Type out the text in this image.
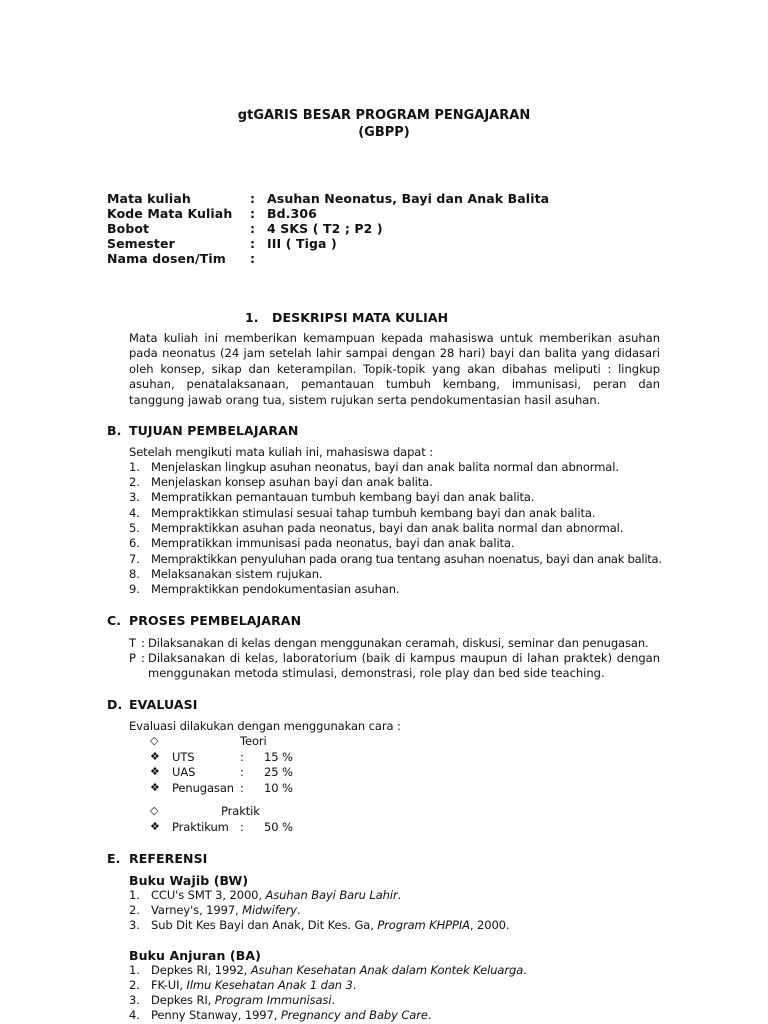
gtGARIS BESAR PROGRAM PENGAJARAN
(GBPP)
Mata kuliah	: Asuhan Neonatus, Bayi dan Anak Balita
Kode Mata Kuliah : Bd.306
Bobot	: 4 SKS ( T2 ; P2 )
Semester	: III ( Tiga )
Nama dosen/Tim :
1.   DESKRIPSI MATA KULIAH
Mata kuliah ini memberikan kemampuan kepada mahasiswa untuk memberikan asuhan pada neonatus (24 jam setelah lahir sampai dengan 28 hari) bayi dan balita yang didasari oleh konsep, sikap dan keterampilan. Topik-topik yang akan dibahas meliputi : lingkup asuhan, penatalaksanaan, pemantauan tumbuh kembang, immunisasi, peran dan tanggung jawab orang tua, sistem rujukan serta pendokumentasian hasil asuhan.
B. TUJUAN PEMBELAJARAN
Setelah mengikuti mata kuliah ini, mahasiswa dapat :
1. Menjelaskan lingkup asuhan neonatus, bayi dan anak balita normal dan abnormal.
2. Menjelaskan konsep asuhan bayi dan anak balita.
3. Mempratikkan pemantauan tumbuh kembang bayi dan anak balita.
4. Mempraktikkan stimulasi sesuai tahap tumbuh kembang bayi dan anak balita.
5. Mempraktikkan asuhan pada neonatus, bayi dan anak balita normal dan abnormal.
6. Mempratikkan immunisasi pada neonatus, bayi dan anak balita.
7. Mempraktikkan penyuluhan pada orang tua tentang asuhan noenatus, bayi dan anak balita.
8. Melaksanakan sistem rujukan.
9. Mempraktikkan pendokumentasian asuhan.
C. PROSES PEMBELAJARAN
T : Dilaksanakan di kelas dengan menggunakan ceramah, diskusi, seminar dan penugasan.
P : Dilaksanakan di kelas, laboratorium (baik di kampus maupun di lahan praktek) dengan menggunakan metoda stimulasi, demonstrasi, role play dan bed side teaching.
D. EVALUASI
Evaluasi dilakukan dengan menggunakan cara :
◇	Teori
❖ UTS	: 15 %
❖ UAS	: 25 %
❖ Penugasan : 10 %
◇	Praktik
❖ Praktikum : 50 %
E. REFERENSI
Buku Wajib (BW)
1. CCU's SMT 3, 2000, Asuhan Bayi Baru Lahir.
2. Varney's, 1997, Midwifery.
3. Sub Dit Kes Bayi dan Anak, Dit Kes. Ga, Program KHPPIA, 2000.
Buku Anjuran (BA)
1. Depkes RI, 1992, Asuhan Kesehatan Anak dalam Kontek Keluarga.
2. FK-UI, Ilmu Kesehatan Anak 1 dan 3.
3. Depkes RI, Program Immunisasi.
4. Penny Stanway, 1997, Pregnancy and Baby Care.
